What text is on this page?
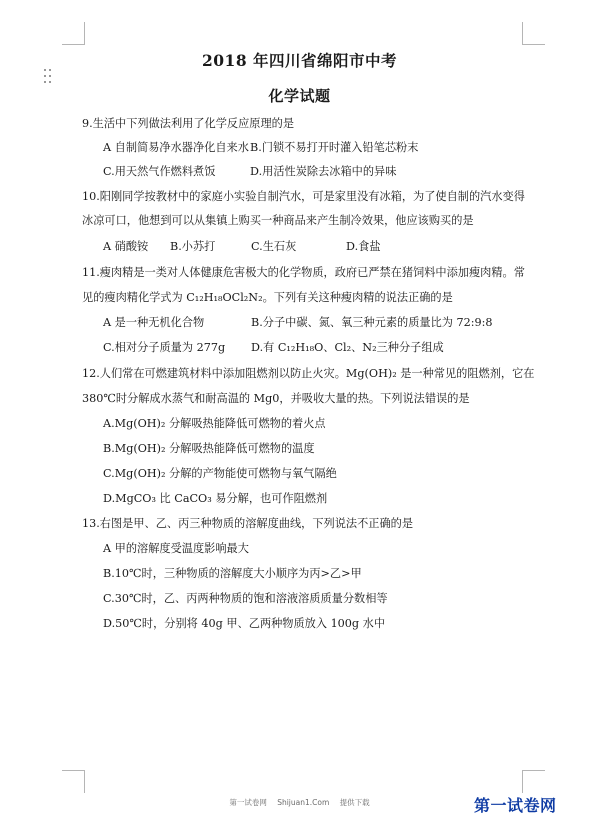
2018 年四川省绵阳市中考
化学试题
9.生活中下列做法利用了化学反应原理的是
A 自制简易净水器净化自来水 B.门锁不易打开时灌入铅笔芯粉末
C.用天然气作燃料煮饭	D.用活性炭除去冰箱中的异味
10.阳刚同学按教材中的家庭小实验自制汽水，可是家里没有冰箱，为了使自制的汽水变得
冰凉可口，他想到可以从集镇上购买一种商品来产生制冷效果，他应该购买的是
A 硝酸铵 B.小苏打	C.生石灰	D.食盐
11.瘦肉精是一类对人体健康危害极大的化学物质，政府已严禁在猪饲料中添加瘦肉精。常
见的瘦肉精化学式为 C₁₂H₁₈OCl₂N₂。下列有关这种瘦肉精的说法正确的是
A 是一种无机化合物	B.分子中碳、氮、氧三种元素的质量比为 72:9:8
C.相对分子质量为 277g D.有 C₁₂H₁₈O、Cl₂、N₂三种分子组成
12.人们常在可燃建筑材料中添加阻燃剂以防止火灾。Mg(OH)₂ 是一种常见的阻燃剂，它在
380℃时分解成水蒸气和耐高温的 Mg0，并吸收大量的热。下列说法错误的是
A.Mg(OH)₂ 分解吸热能降低可燃物的着火点
B.Mg(OH)₂ 分解吸热能降低可燃物的温度
C.Mg(OH)₂ 分解的产物能使可燃物与氧气隔绝
D.MgCO₃ 比 CaCO₃ 易分解，也可作阻燃剂
13.右图是甲、乙、丙三种物质的溶解度曲线，下列说法不正确的是
A 甲的溶解度受温度影响最大
B.10℃时，三种物质的溶解度大小顺序为丙>乙>甲
C.30℃时，乙、丙两种物质的饱和溶液溶质质量分数相等
D.50℃时，分别将 40g 甲、乙两种物质放入 100g 水中
第一试卷网 Shijuan1.Com 提供下载	第一试卷网
